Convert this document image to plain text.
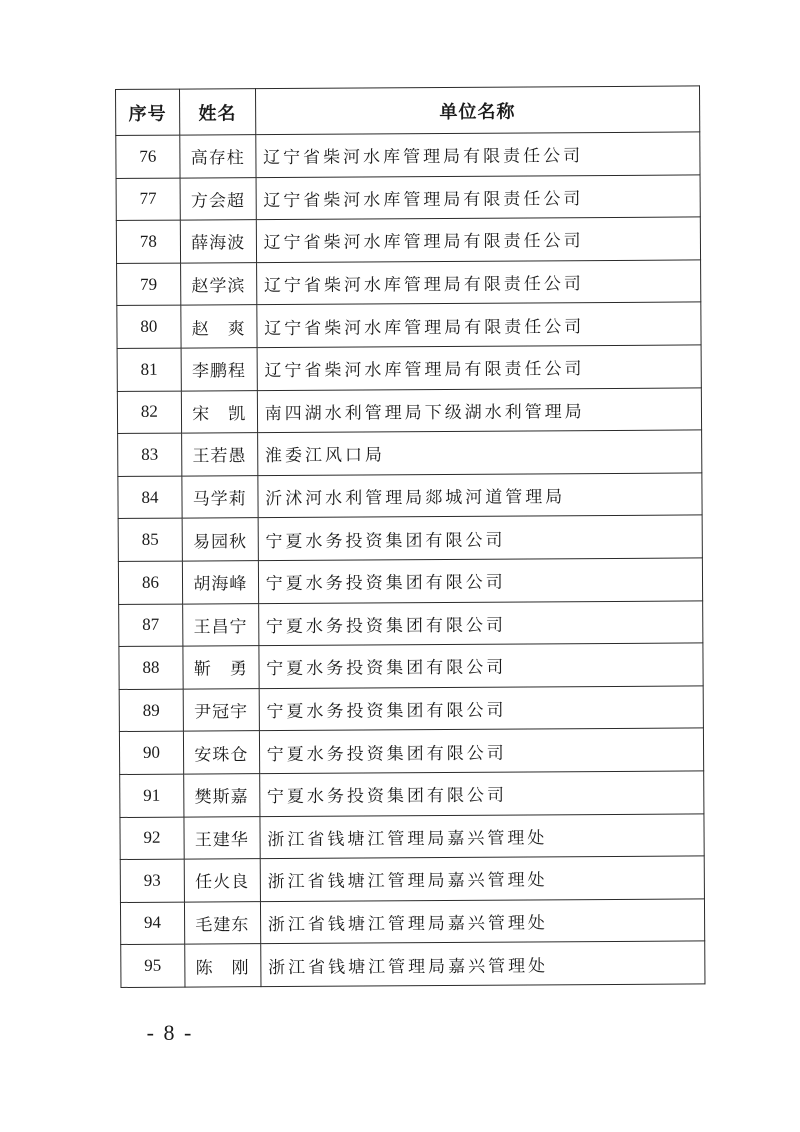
序号	姓名	单位名称
76	高存柱	辽宁省柴河水库管理局有限责任公司
77	方会超	辽宁省柴河水库管理局有限责任公司
78	薛海波	辽宁省柴河水库管理局有限责任公司
79	赵学滨	辽宁省柴河水库管理局有限责任公司
80	赵　爽	辽宁省柴河水库管理局有限责任公司
81	李鹏程	辽宁省柴河水库管理局有限责任公司
82	宋　凯	南四湖水利管理局下级湖水利管理局
83	王若愚	淮委江风口局
84	马学莉	沂沭河水利管理局郯城河道管理局
85	易园秋	宁夏水务投资集团有限公司
86	胡海峰	宁夏水务投资集团有限公司
87	王昌宁	宁夏水务投资集团有限公司
88	靳　勇	宁夏水务投资集团有限公司
89	尹冠宇	宁夏水务投资集团有限公司
90	安珠仓	宁夏水务投资集团有限公司
91	樊斯嘉	宁夏水务投资集团有限公司
92	王建华	浙江省钱塘江管理局嘉兴管理处
93	任火良	浙江省钱塘江管理局嘉兴管理处
94	毛建东	浙江省钱塘江管理局嘉兴管理处
95	陈　刚	浙江省钱塘江管理局嘉兴管理处
- 8 -
